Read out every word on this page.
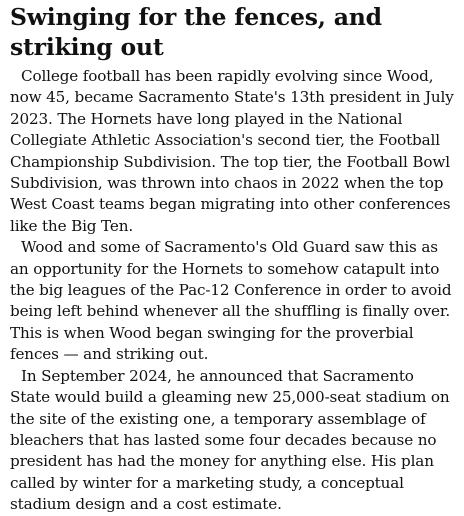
Swinging for the fences, and striking out

College football has been rapidly evolving since Wood, now 45, became Sacramento State's 13th president in July 2023. The Hornets have long played in the National Collegiate Athletic Association's second tier, the Football Championship Subdivision. The top tier, the Football Bowl Subdivision, was thrown into chaos in 2022 when the top West Coast teams began migrating into other conferences like the Big Ten.

Wood and some of Sacramento's Old Guard saw this as an opportunity for the Hornets to somehow catapult into the big leagues of the Pac-12 Conference in order to avoid being left behind whenever all the shuffling is finally over. This is when Wood began swinging for the proverbial fences — and striking out.

In September 2024, he announced that Sacramento State would build a gleaming new 25,000-seat stadium on the site of the existing one, a temporary assemblage of bleachers that has lasted some four decades because no president has had the money for anything else. His plan called by winter for a marketing study, a conceptual stadium design and a cost estimate.
